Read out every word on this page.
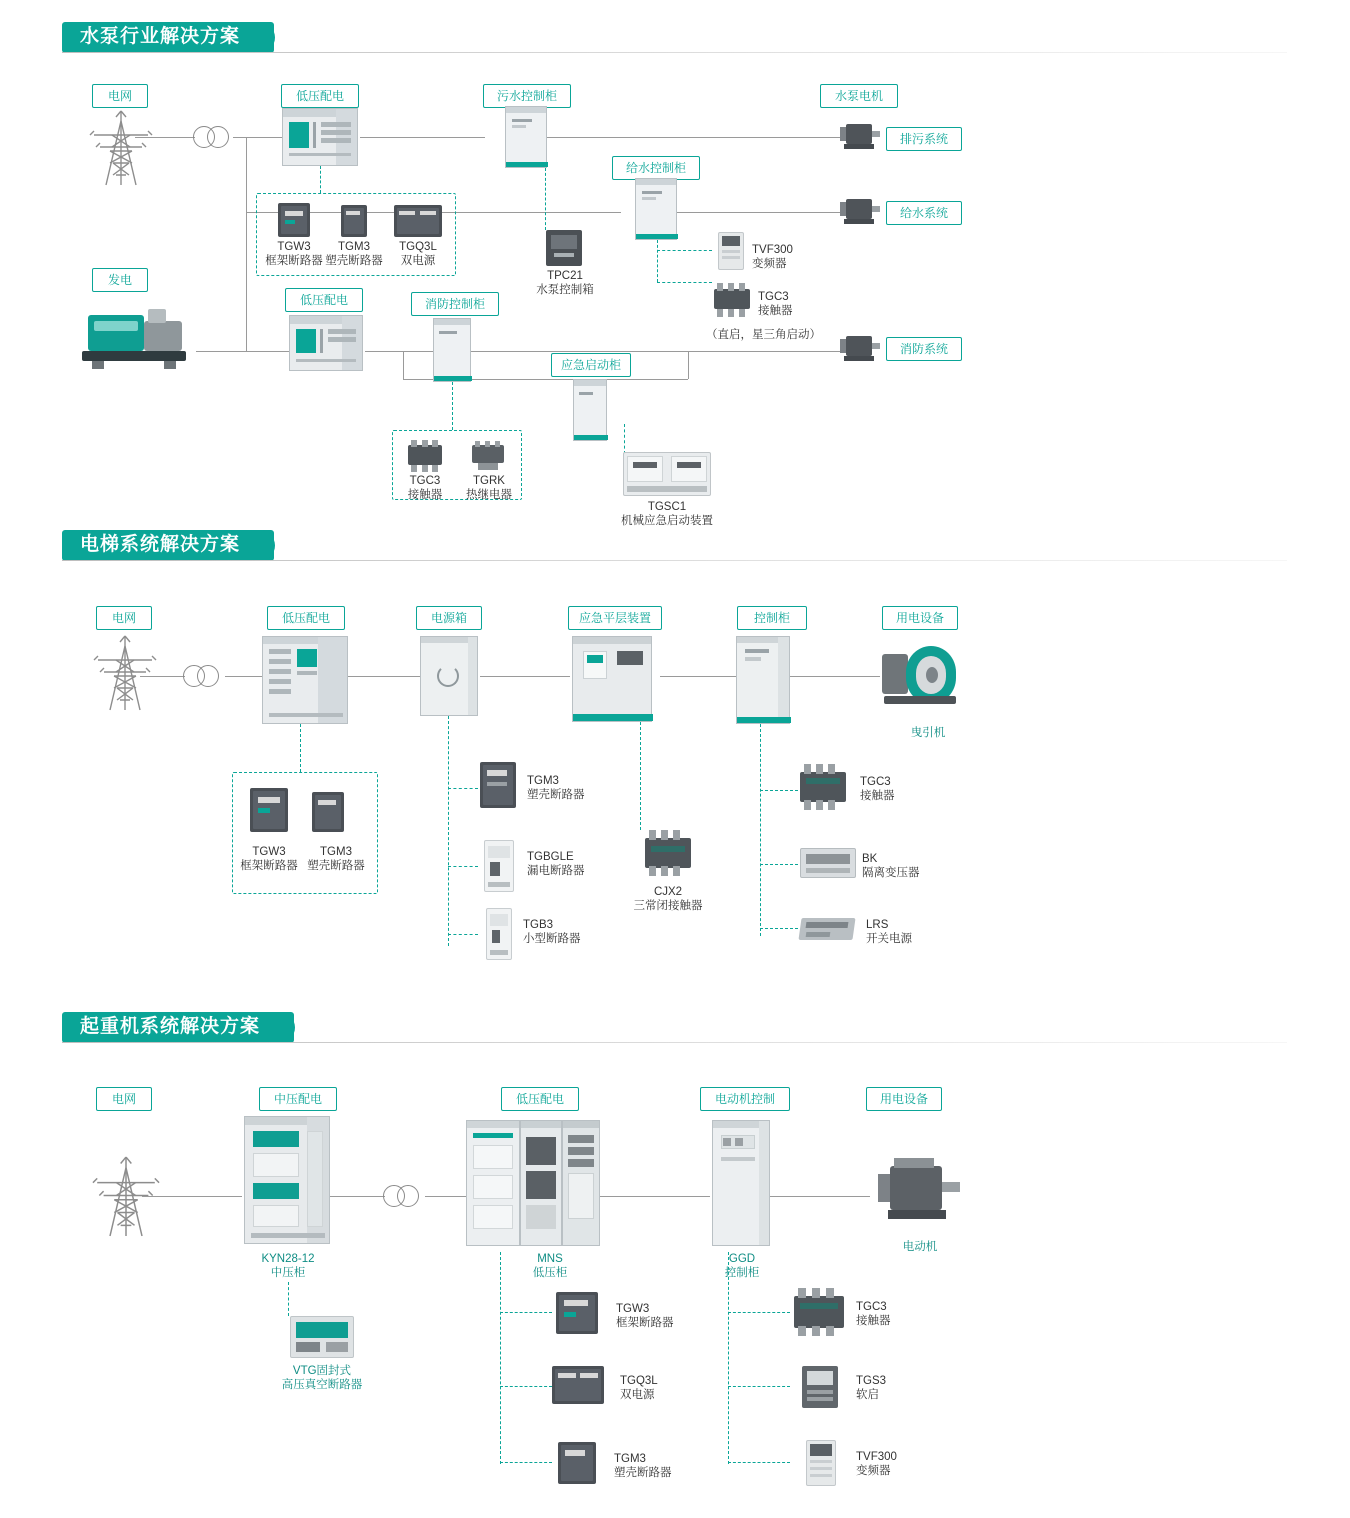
水泵行业解决方案
电网	低压配电	污水控制柜	水泵电机
给水控制柜
发电
低压配电	消防控制柜
应急启动柜
排污系统
给水系统
消防系统
TGW3
框架断路器
TGM3
塑壳断路器
TGQ3L
双电源
TPC21
水泵控制箱
TVF300
变频器
TGC3
接触器
（直启，星三角启动）
TGC3
接触器
TGRK
热继电器
TGSC1
机械应急启动装置
电梯系统解决方案
电网	低压配电	电源箱	应急平层装置	控制柜	用电设备
曳引机
TGW3
框架断路器
TGM3
塑壳断路器
TGM3
塑壳断路器
TGBGLE
漏电断路器
TGB3
小型断路器
CJX2
三常闭接触器
TGC3
接触器
BK
隔离变压器
LRS
开关电源
起重机系统解决方案
电网	中压配电	低压配电	电动机控制	用电设备
KYN28-12
中压柜
VTG固封式
高压真空断路器
MNS
低压柜
GGD
控制柜
电动机
TGW3
框架断路器
TGQ3L
双电源
TGM3
塑壳断路器
TGC3
接触器
TGS3
软启
TVF300
变频器
